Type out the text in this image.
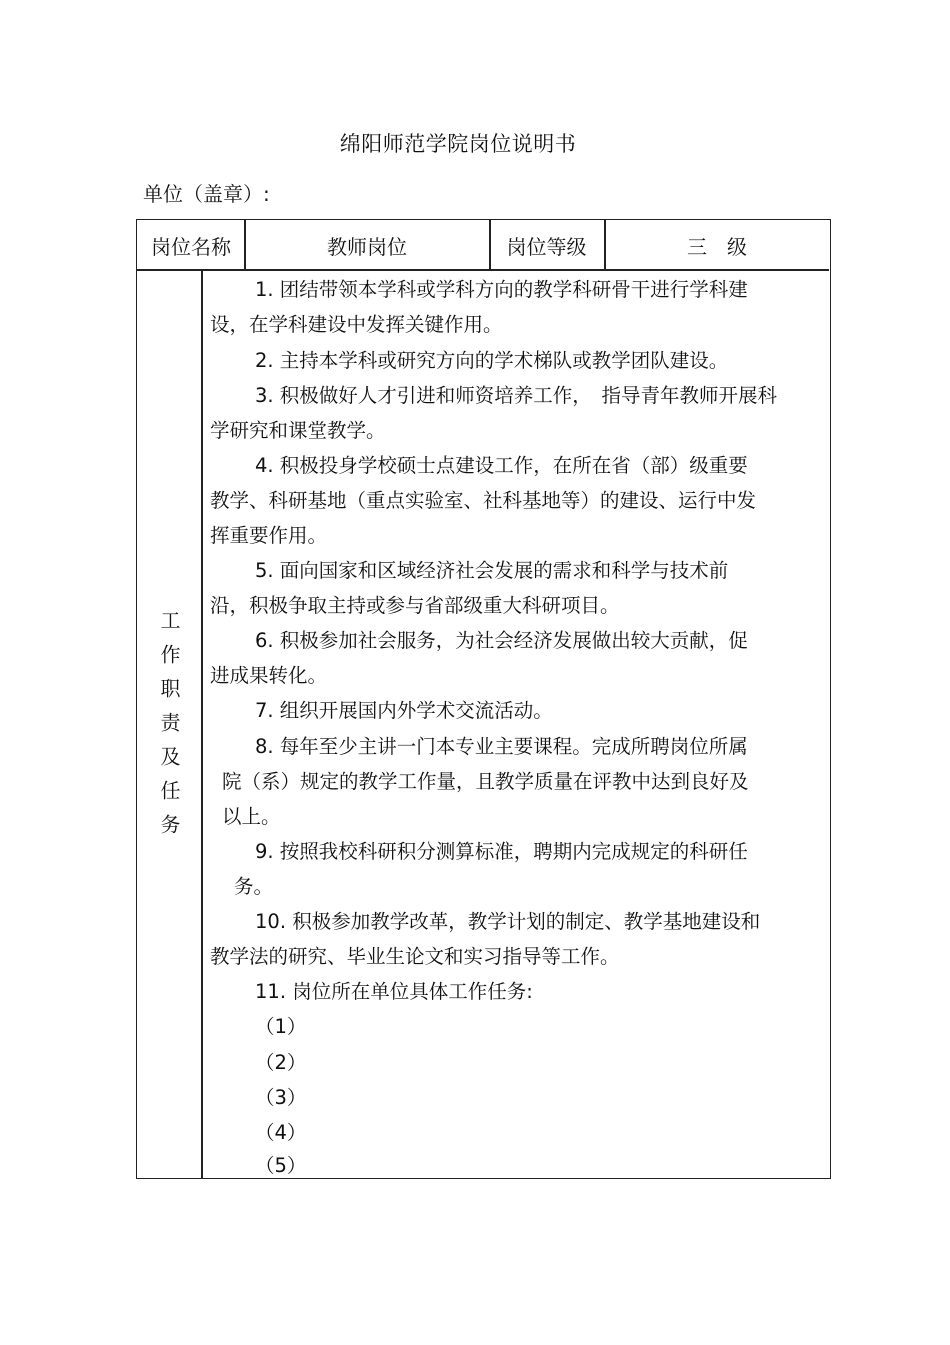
绵阳师范学院岗位说明书
单位（盖章）:
岗位名称	教师岗位	岗位等级	三　级
工作职责及任务
1. 团结带领本学科或学科方向的教学科研骨干进行学科建
设，在学科建设中发挥关键作用。
2. 主持本学科或研究方向的学术梯队或教学团队建设。
3. 积极做好人才引进和师资培养工作，　指导青年教师开展科
学研究和课堂教学。
4. 积极投身学校硕士点建设工作，在所在省（部）级重要
教学、科研基地（重点实验室、社科基地等）的建设、运行中发
挥重要作用。
5. 面向国家和区域经济社会发展的需求和科学与技术前
沿，积极争取主持或参与省部级重大科研项目。
6. 积极参加社会服务，为社会经济发展做出较大贡献，促
进成果转化。
7. 组织开展国内外学术交流活动。
8. 每年至少主讲一门本专业主要课程。完成所聘岗位所属
院（系）规定的教学工作量，且教学质量在评教中达到良好及
以上。
9. 按照我校科研积分测算标准，聘期内完成规定的科研任
务。
10. 积极参加教学改革，教学计划的制定、教学基地建设和
教学法的研究、毕业生论文和实习指导等工作。
11. 岗位所在单位具体工作任务:
（1）
（2）
（3）
（4）
（5）
